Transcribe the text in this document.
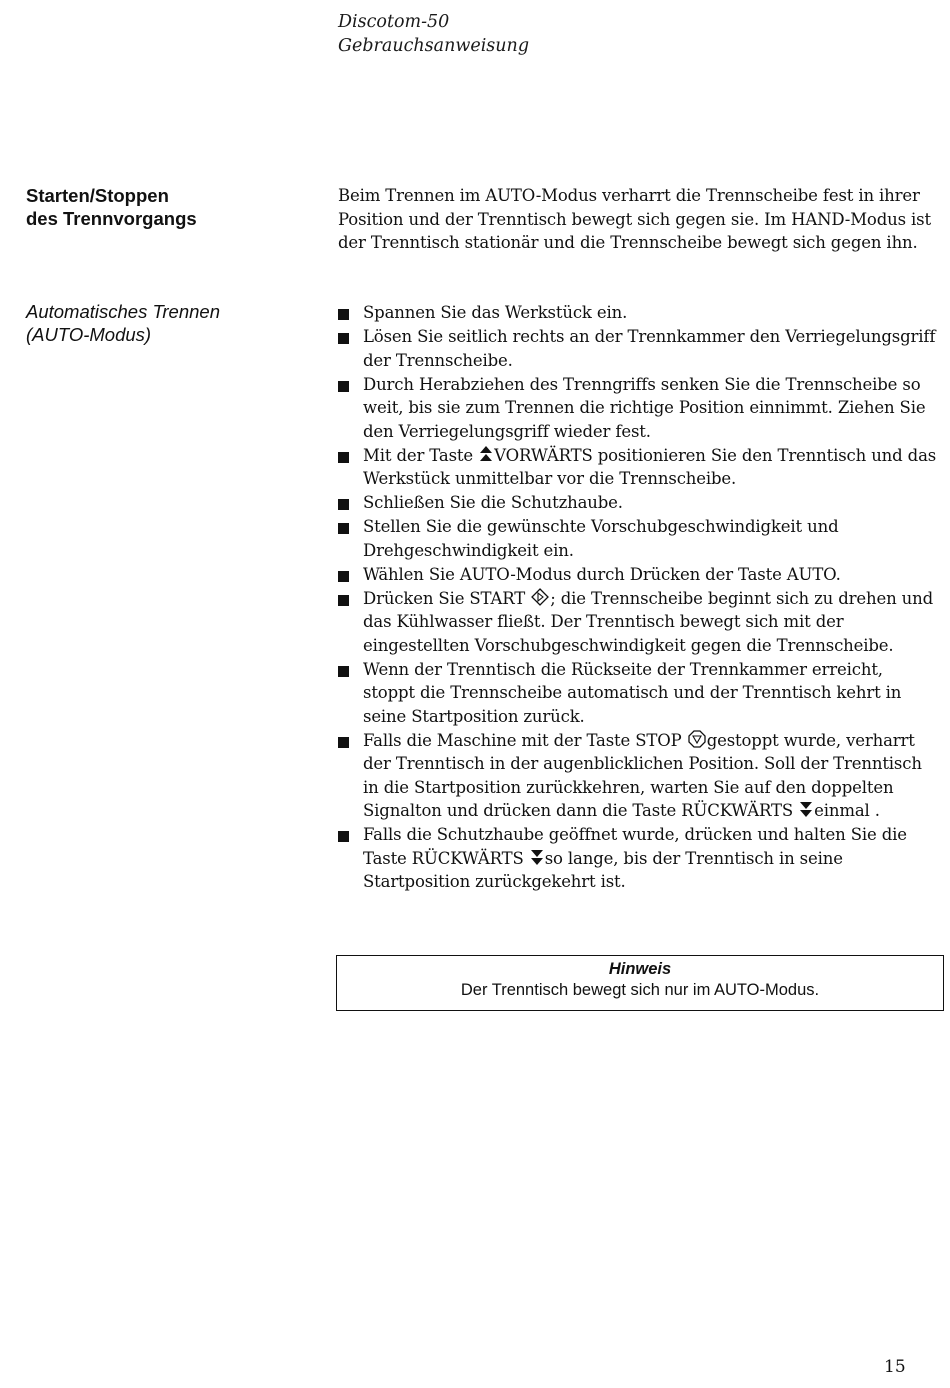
Discotom-50
Gebrauchsanweisung
Starten/Stoppen
des Trennvorgangs
Automatisches Trennen
(AUTO-Modus)

Beim Trennen im AUTO-Modus verharrt die Trennscheibe fest in ihrer Position und der Trenntisch bewegt sich gegen sie. Im HAND-Modus ist der Trenntisch stationär und die Trennscheibe bewegt sich gegen ihn.

Spannen Sie das Werkstück ein.
Lösen Sie seitlich rechts an der Trennkammer den Verriegelungsgriff der Trennscheibe.
Durch Herabziehen des Trenngriffs senken Sie die Trennscheibe so weit, bis sie zum Trennen die richtige Position einnimmt. Ziehen Sie den Verriegelungsgriff wieder fest.
Mit der Taste VORWÄRTS positionieren Sie den Trenntisch und das Werkstück unmittelbar vor die Trennscheibe.
Schließen Sie die Schutzhaube.
Stellen Sie die gewünschte Vorschubgeschwindigkeit und Drehgeschwindigkeit ein.
Wählen Sie AUTO-Modus durch Drücken der Taste AUTO.
Drücken Sie START ; die Trennscheibe beginnt sich zu drehen und das Kühlwasser fließt. Der Trenntisch bewegt sich mit der eingestellten Vorschubgeschwindigkeit gegen die Trennscheibe.
Wenn der Trenntisch die Rückseite der Trennkammer erreicht, stoppt die Trennscheibe automatisch und der Trenntisch kehrt in seine Startposition zurück.
Falls die Maschine mit der Taste STOP gestoppt wurde, verharrt der Trenntisch in der augenblicklichen Position. Soll der Trenntisch in die Startposition zurückkehren, warten Sie auf den doppelten Signalton und drücken dann die Taste RÜCKWÄRTS einmal .
Falls die Schutzhaube geöffnet wurde, drücken und halten Sie die Taste RÜCKWÄRTS so lange, bis der Trenntisch in seine Startposition zurückgekehrt ist.
Hinweis
Der Trenntisch bewegt sich nur im AUTO-Modus.
15
